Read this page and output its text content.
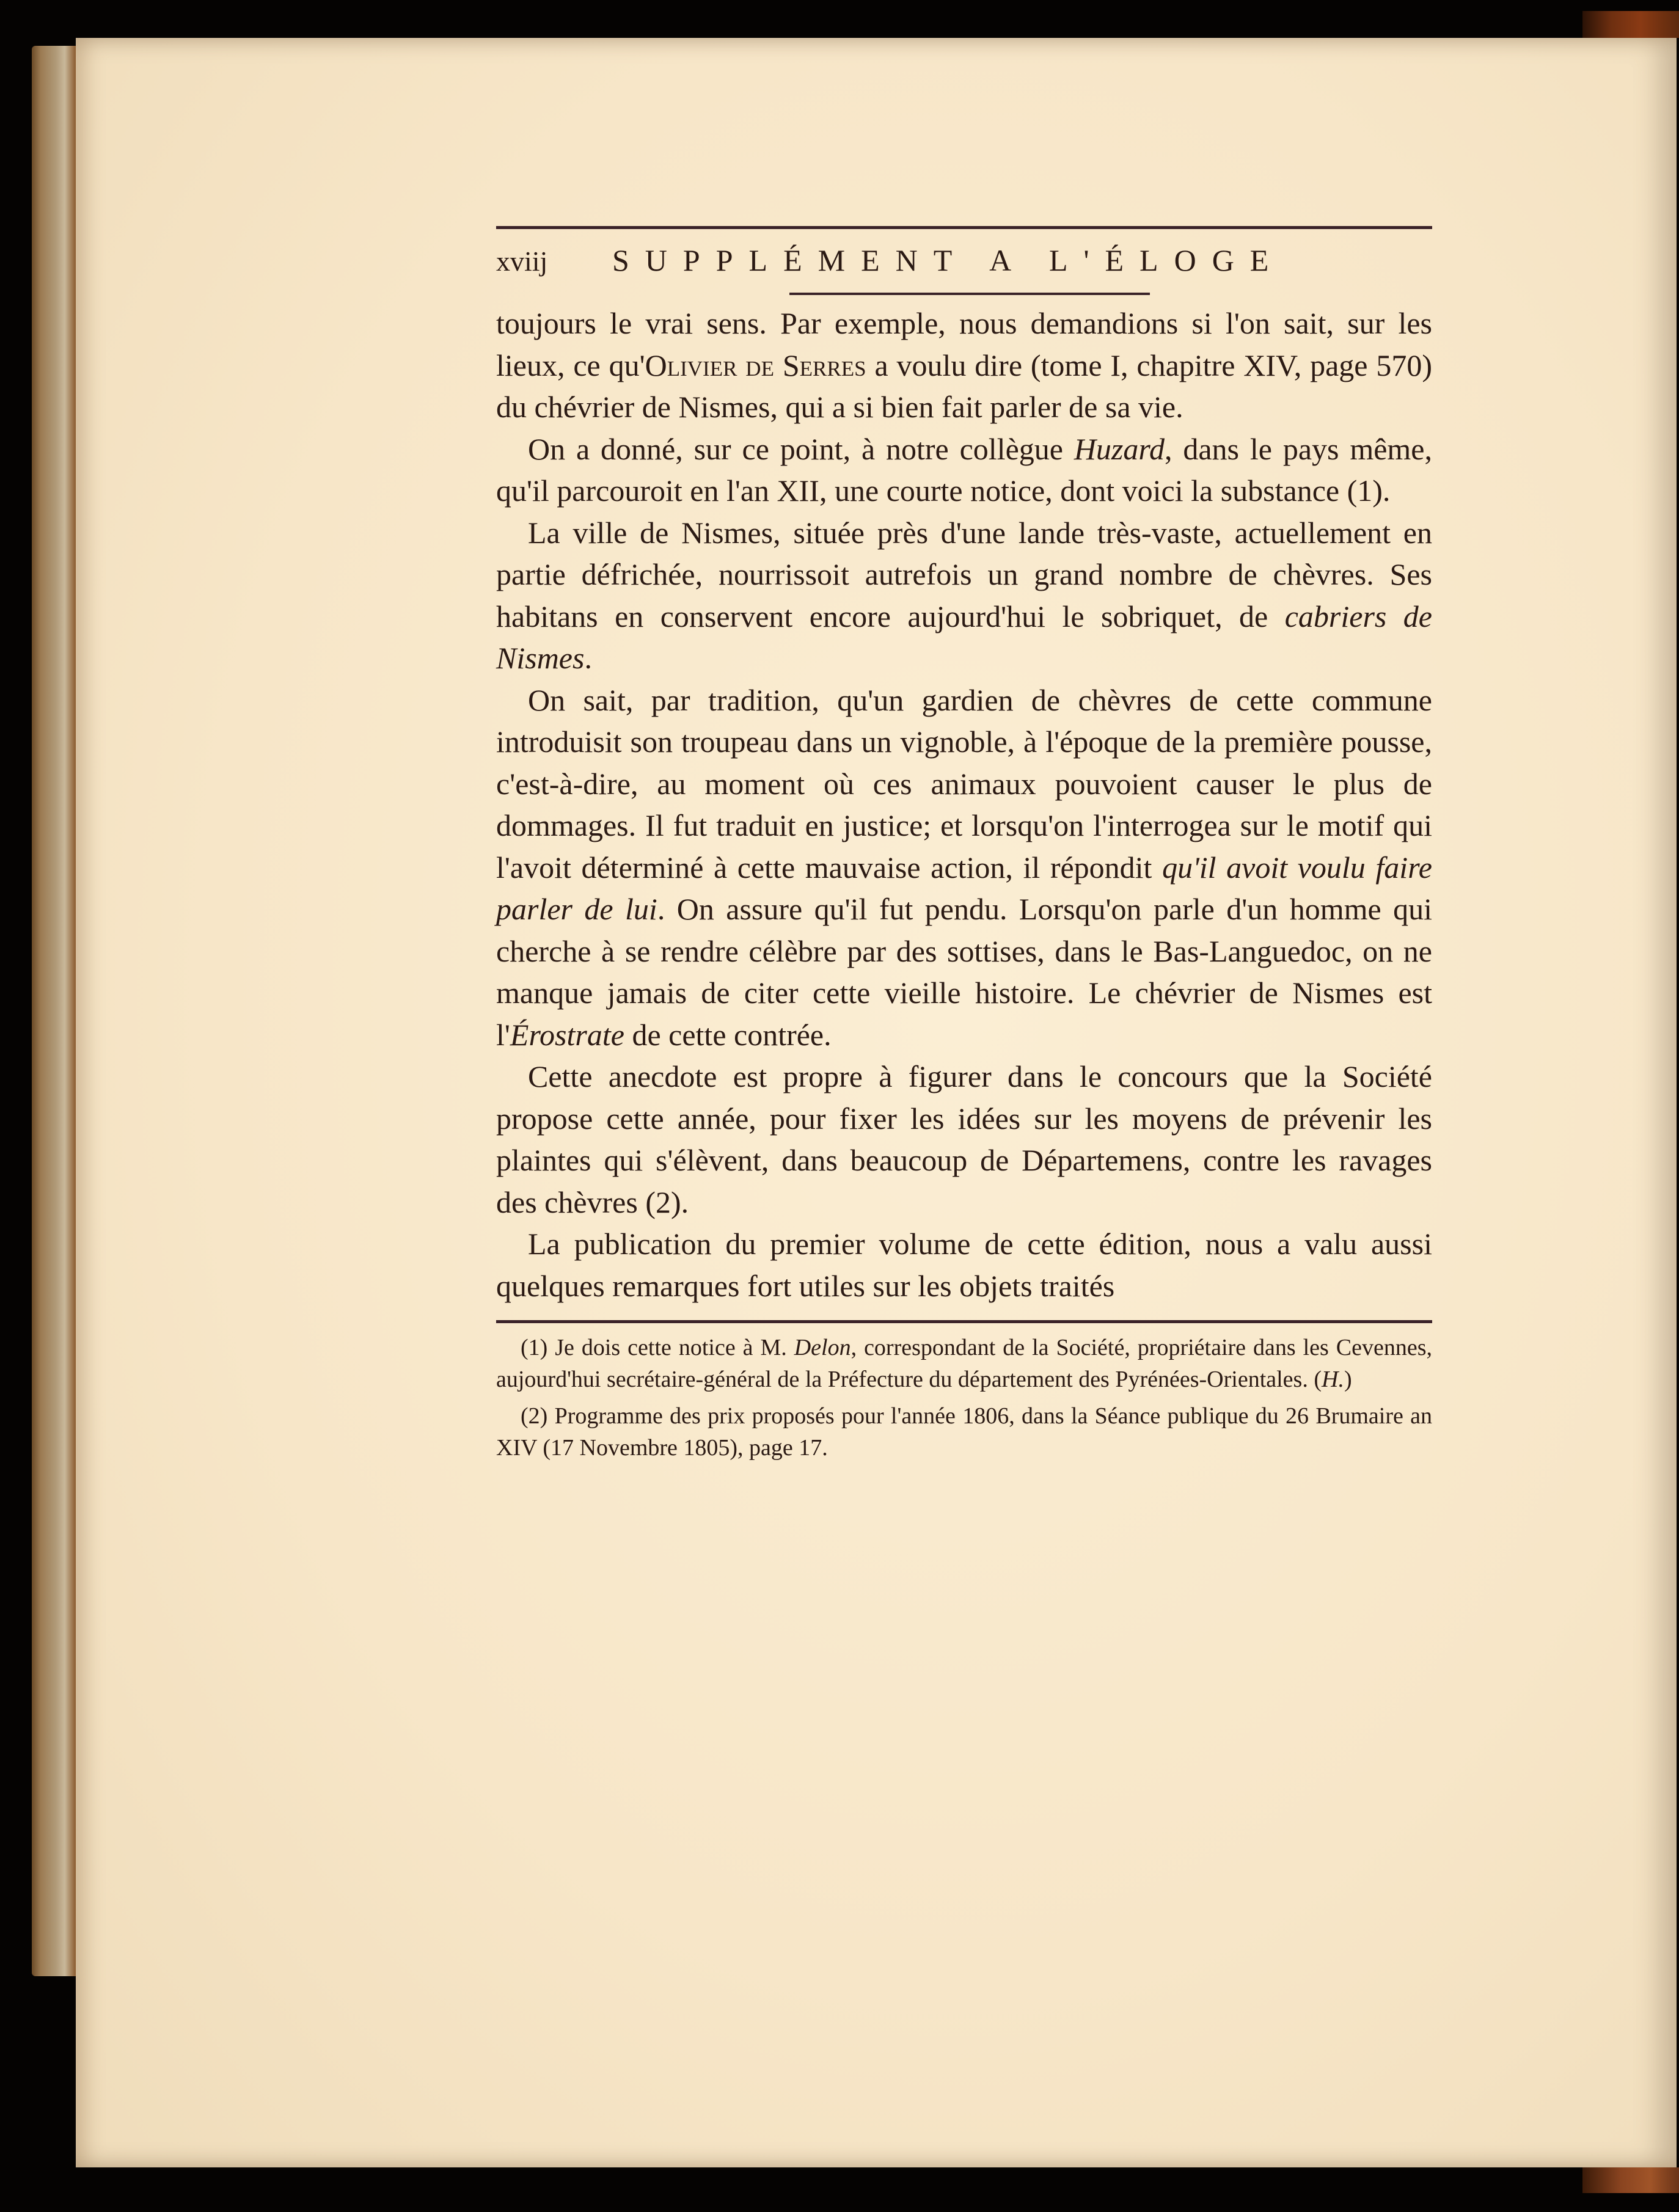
xviij	SUPPLÉMENT A L'ÉLOGE

toujours le vrai sens. Par exemple, nous demandions si l'on sait, sur les lieux, ce qu'Olivier de Serres a voulu dire (tome I, chapitre XIV, page 570) du chévrier de Nismes, qui a si bien fait parler de sa vie.

On a donné, sur ce point, à notre collègue Huzard, dans le pays même, qu'il parcouroit en l'an XII, une courte notice, dont voici la substance (1).

La ville de Nismes, située près d'une lande très-vaste, actuellement en partie défrichée, nourrissoit autrefois un grand nombre de chèvres. Ses habitans en conservent encore aujourd'hui le sobriquet, de cabriers de Nismes.

On sait, par tradition, qu'un gardien de chèvres de cette commune introduisit son troupeau dans un vignoble, à l'époque de la première pousse, c'est-à-dire, au moment où ces animaux pouvoient causer le plus de dommages. Il fut traduit en justice; et lorsqu'on l'interrogea sur le motif qui l'avoit déterminé à cette mauvaise action, il répondit qu'il avoit voulu faire parler de lui. On assure qu'il fut pendu. Lorsqu'on parle d'un homme qui cherche à se rendre célèbre par des sottises, dans le Bas-Languedoc, on ne manque jamais de citer cette vieille histoire. Le chévrier de Nismes est l'Érostrate de cette contrée.

Cette anecdote est propre à figurer dans le concours que la Société propose cette année, pour fixer les idées sur les moyens de prévenir les plaintes qui s'élèvent, dans beaucoup de Départemens, contre les ravages des chèvres (2).

La publication du premier volume de cette édition, nous a valu aussi quelques remarques fort utiles sur les objets traités

(1) Je dois cette notice à M. Delon, correspondant de la Société, propriétaire dans les Cevennes, aujourd'hui secrétaire-général de la Préfecture du département des Pyrénées-Orientales. (H.)

(2) Programme des prix proposés pour l'année 1806, dans la Séance publique du 26 Brumaire an XIV (17 Novembre 1805), page 17.
